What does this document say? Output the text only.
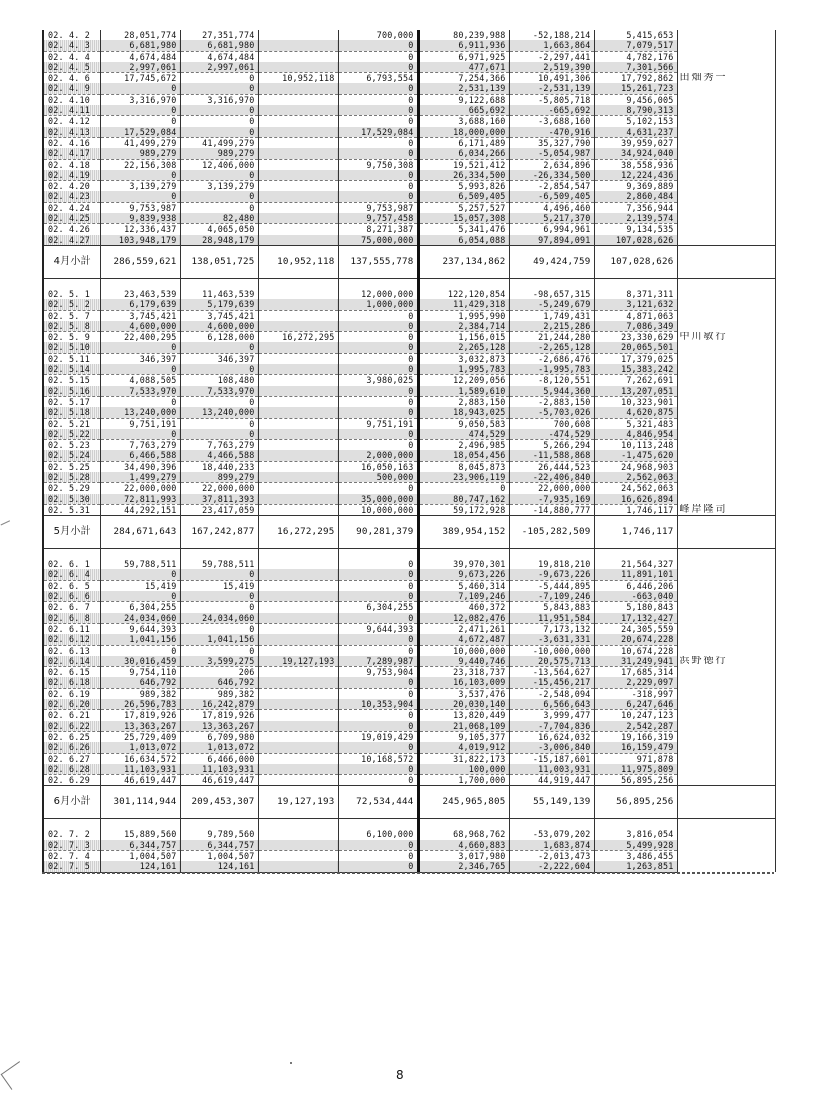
02. 4. 2	28,051,774	27,351,774		700,000	80,239,988	-52,188,214	5,415,653	
02. 4. 3	6,681,980	6,681,980		0	6,911,936	1,663,864	7,079,517	
02. 4. 4	4,674,484	4,674,484		0	6,971,925	-2,297,441	4,782,176	
02. 4. 5	2,997,061	2,997,061		0	477,671	2,519,390	7,301,566	
02. 4. 6	17,745,672	0	10,952,118	6,793,554	7,254,366	10,491,306	17,792,862	田畑秀一
02. 4. 9	0	0		0	2,531,139	-2,531,139	15,261,723	
02. 4.10	3,316,970	3,316,970		0	9,122,688	-5,805,718	9,456,005	
02. 4.11	0	0		0	665,692	-665,692	8,790,313	
02. 4.12	0	0		0	3,688,160	-3,688,160	5,102,153	
02. 4.13	17,529,084	0		17,529,084	18,000,000	-470,916	4,631,237	
02. 4.16	41,499,279	41,499,279		0	6,171,489	35,327,790	39,959,027	
02. 4.17	989,279	989,279		0	6,034,266	-5,054,987	34,924,040	
02. 4.18	22,156,308	12,406,000		9,750,308	19,521,412	2,634,896	38,558,936	
02. 4.19	0	0		0	26,334,500	-26,334,500	12,224,436	
02. 4.20	3,139,279	3,139,279		0	5,993,826	-2,854,547	9,369,889	
02. 4.23	0	0		0	6,509,405	-6,509,405	2,860,484	
02. 4.24	9,753,987	0		9,753,987	5,257,527	4,496,460	7,356,944	
02. 4.25	9,839,938	82,480		9,757,458	15,057,308	5,217,370	2,139,574	
02. 4.26	12,336,437	4,065,050		8,271,387	5,341,476	6,994,961	9,134,535	
02. 4.27	103,948,179	28,948,179		75,000,000	6,054,088	97,894,091	107,028,626	
4月小計	286,559,621	138,051,725	10,952,118	137,555,778	237,134,862	49,424,759	107,028,626	

02. 5. 1	23,463,539	11,463,539		12,000,000	122,120,854	-98,657,315	8,371,311	
02. 5. 2	6,179,639	5,179,639		1,000,000	11,429,318	-5,249,679	3,121,632	
02. 5. 7	3,745,421	3,745,421		0	1,995,990	1,749,431	4,871,063	
02. 5. 8	4,600,000	4,600,000		0	2,384,714	2,215,286	7,086,349	
02. 5. 9	22,400,295	6,128,000	16,272,295	0	1,156,015	21,244,280	23,330,629	中川敏行
02. 5.10	0	0		0	2,265,128	-2,265,128	20,065,501	
02. 5.11	346,397	346,397		0	3,032,873	-2,686,476	17,379,025	
02. 5.14	0	0		0	1,995,783	-1,995,783	15,383,242	
02. 5.15	4,088,505	108,480		3,980,025	12,209,056	-8,120,551	7,262,691	
02. 5.16	7,533,970	7,533,970		0	1,589,610	5,944,360	13,207,051	
02. 5.17	0	0		0	2,883,150	-2,883,150	10,323,901	
02. 5.18	13,240,000	13,240,000		0	18,943,025	-5,703,026	4,620,875	
02. 5.21	9,751,191	0		9,751,191	9,050,583	700,608	5,321,483	
02. 5.22	0	0		0	474,529	-474,529	4,846,954	
02. 5.23	7,763,279	7,763,279		0	2,496,985	5,266,294	10,113,248	
02. 5.24	6,466,588	4,466,588		2,000,000	18,054,456	-11,588,868	-1,475,620	
02. 5.25	34,490,396	18,440,233		16,050,163	8,045,873	26,444,523	24,968,903	
02. 5.28	1,499,279	899,279		500,000	23,906,119	-22,406,840	2,562,063	
02. 5.29	22,000,000	22,000,000		0	0	22,000,000	24,562,063	
02. 5.30	72,811,993	37,811,393		35,000,000	80,747,162	-7,935,169	16,626,894	
02. 5.31	44,292,151	23,417,059		10,000,000	59,172,928	-14,880,777	1,746,117	峰岸隆司
5月小計	284,671,643	167,242,877	16,272,295	90,281,379	389,954,152	-105,282,509	1,746,117	

02. 6. 1	59,788,511	59,788,511		0	39,970,301	19,818,210	21,564,327	
02. 6. 4	0	0		0	9,673,226	-9,673,226	11,891,101	
02. 6. 5	15,419	15,419		0	5,460,314	-5,444,895	6,446,206	
02. 6. 6	0	0		0	7,109,246	-7,109,246	-663,040	
02. 6. 7	6,304,255	0		6,304,255	460,372	5,843,883	5,180,843	
02. 6. 8	24,034,060	24,034,060		0	12,082,476	11,951,584	17,132,427	
02. 6.11	9,644,393	0		9,644,393	2,471,261	7,173,132	24,305,559	
02. 6.12	1,041,156	1,041,156		0	4,672,487	-3,631,331	20,674,228	
02. 6.13	0	0		0	10,000,000	-10,000,000	10,674,228	
02. 6.14	30,016,459	3,599,275	19,127,193	7,289,987	9,440,746	20,575,713	31,249,941	浜野徳行
02. 6.15	9,754,110	206		9,753,904	23,318,737	-13,564,627	17,685,314	
02. 6.18	646,792	646,792		0	16,103,009	-15,456,217	2,229,097	
02. 6.19	989,382	989,382		0	3,537,476	-2,548,094	-318,997	
02. 6.20	26,596,783	16,242,879		10,353,904	20,030,140	6,566,643	6,247,646	
02. 6.21	17,819,926	17,819,926		0	13,820,449	3,999,477	10,247,123	
02. 6.22	13,363,267	13,363,267		0	21,068,109	-7,704,836	2,542,287	
02. 6.25	25,729,409	6,709,980		19,019,429	9,105,377	16,624,032	19,166,319	
02. 6.26	1,013,072	1,013,072		0	4,019,912	-3,006,840	16,159,479	
02. 6.27	16,634,572	6,466,000		10,168,572	31,822,173	-15,187,601	971,878	
02. 6.28	11,103,931	11,103,931		0	100,000	11,003,931	11,975,809	
02. 6.29	46,619,447	46,619,447		0	1,700,000	44,919,447	56,895,256	
6月小計	301,114,944	209,453,307	19,127,193	72,534,444	245,965,805	55,149,139	56,895,256	

02. 7. 2	15,889,560	9,789,560		6,100,000	68,968,762	-53,079,202	3,816,054	
02. 7. 3	6,344,757	6,344,757		0	4,660,883	1,683,874	5,499,928	
02. 7. 4	1,004,507	1,004,507		0	3,017,980	-2,013,473	3,486,455	
02. 7. 5	124,161	124,161		0	2,346,765	-2,222,604	1,263,851	
8
